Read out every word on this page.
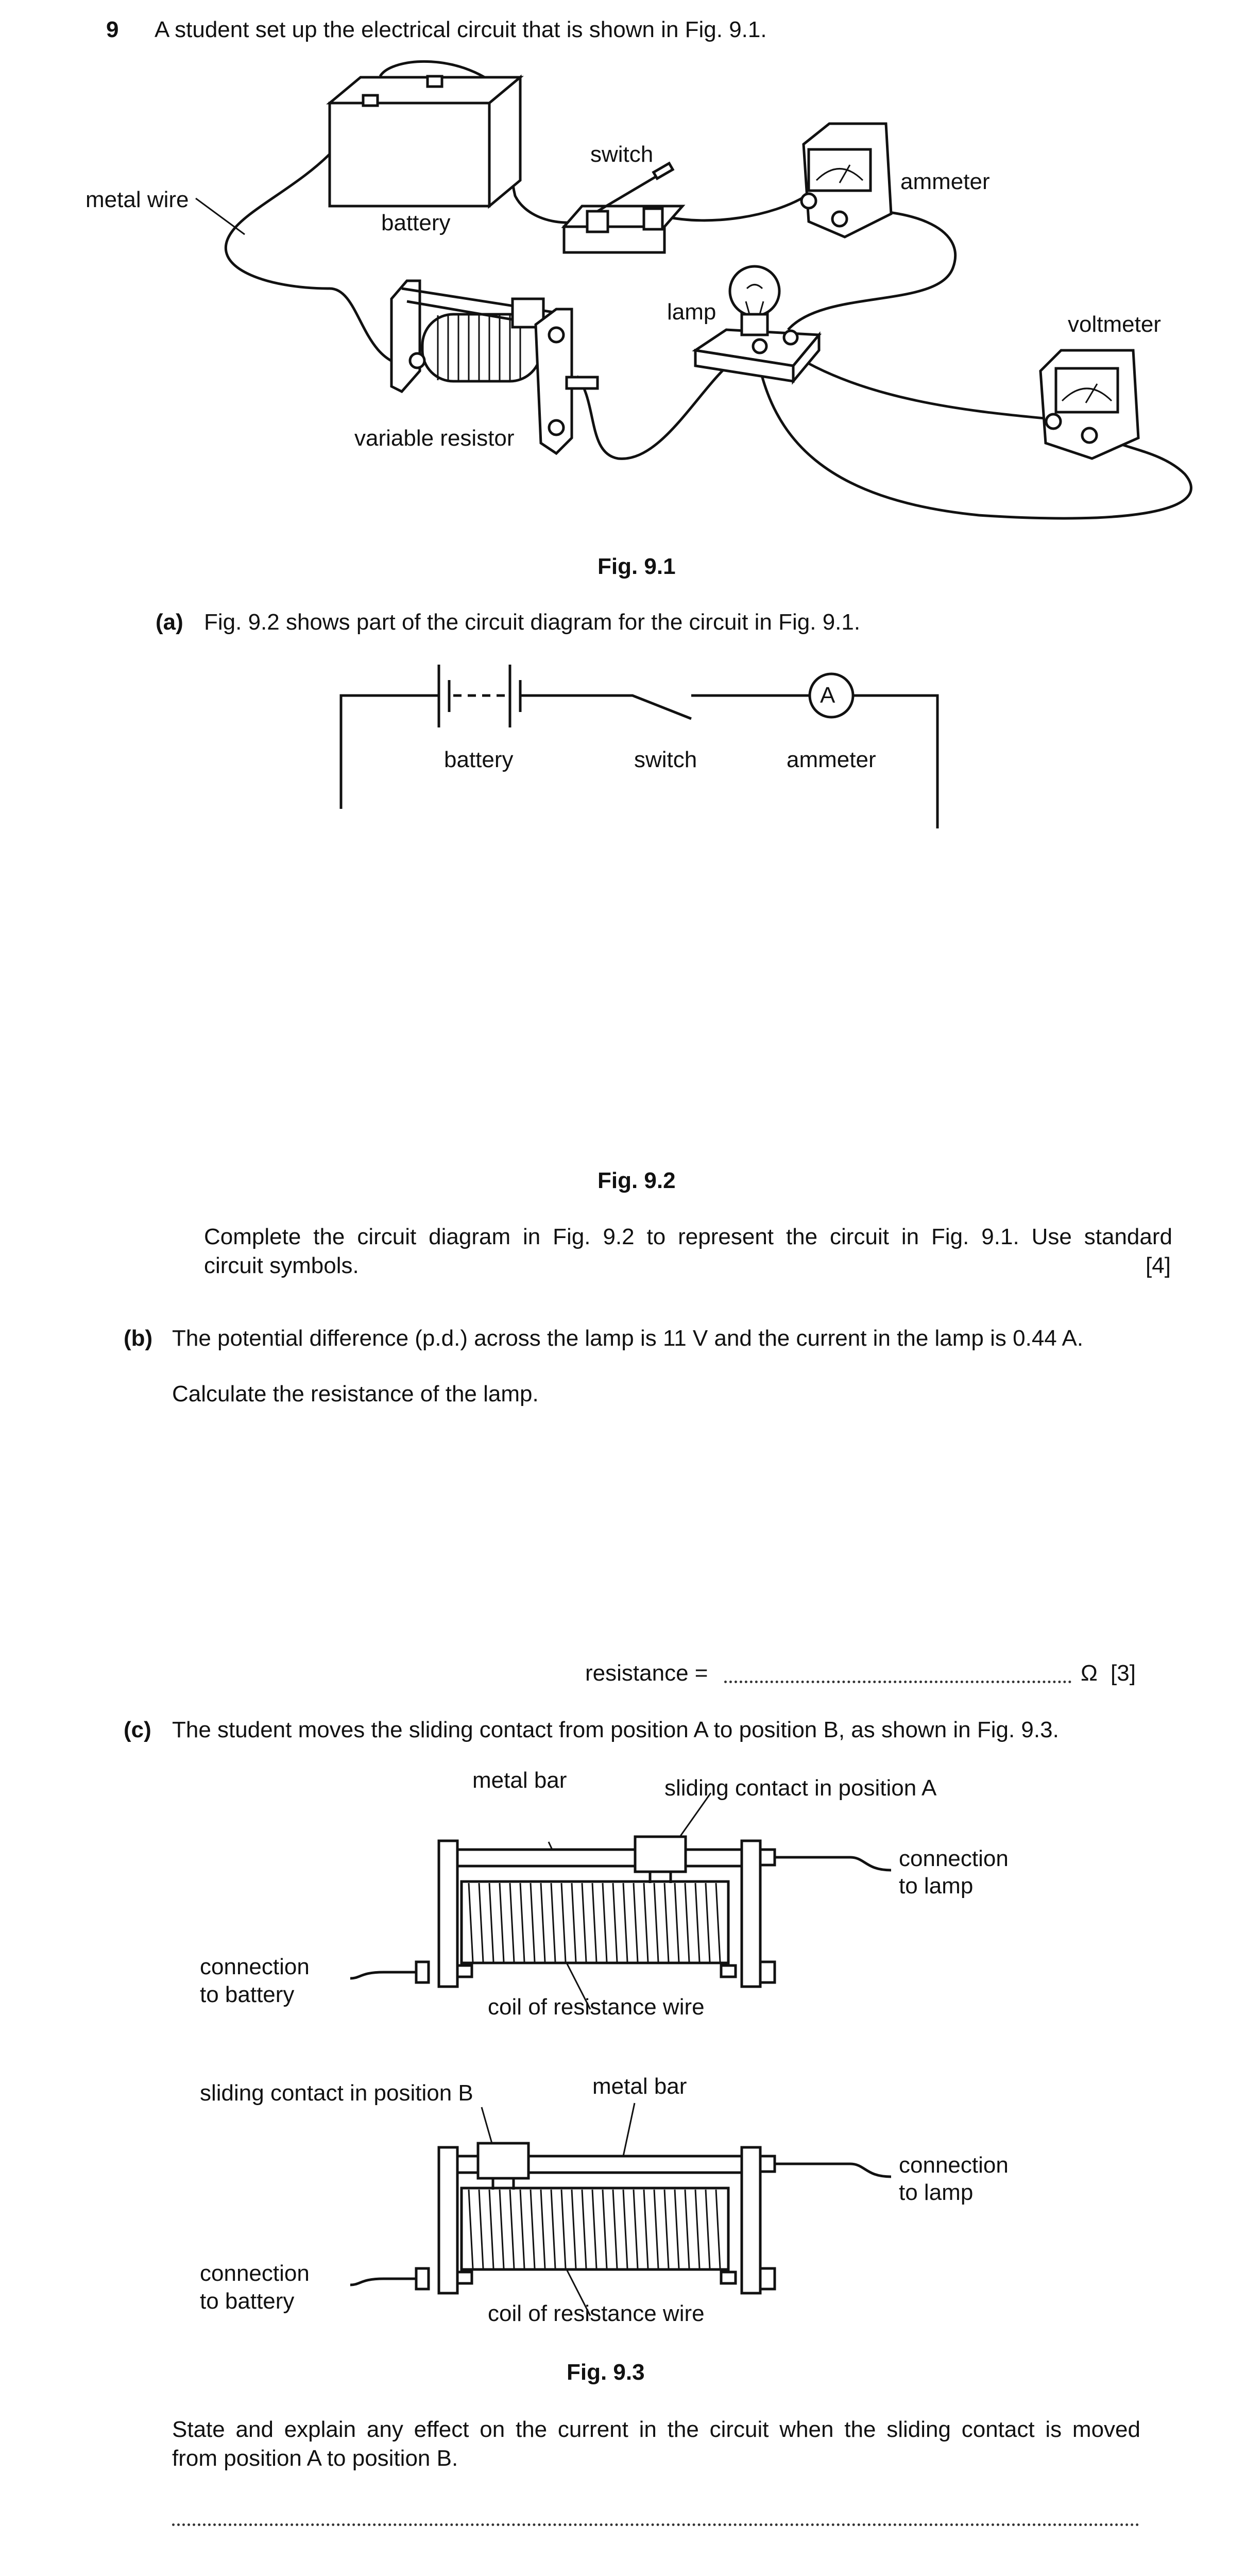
9 A student set up the electrical circuit that is shown in Fig. 9.1.
metal wire
battery
switch
ammeter
lamp	voltmeter
variable resistor
Fig. 9.1
(a) Fig. 9.2 shows part of the circuit diagram for the circuit in Fig. 9.1.
A
battery	switch	ammeter
Fig. 9.2
Complete the circuit diagram in Fig. 9.2 to represent the circuit in Fig. 9.1. Use standard
circuit symbols.	[4]
(b) The potential difference (p.d.) across the lamp is 11 V and the current in the lamp is 0.44 A.
Calculate the resistance of the lamp.
resistance =	Ω [3]
(c) The student moves the sliding contact from position A to position B, as shown in Fig. 9.3.
metal bar	sliding contact in position A
connection
to lamp
connection
to battery	coil of resistance wire
sliding contact in position B	metal bar
connection
to lamp
connection
to battery	coil of resistance wire
Fig. 9.3
State and explain any effect on the current in the circuit when the sliding contact is moved
from position A to position B.
